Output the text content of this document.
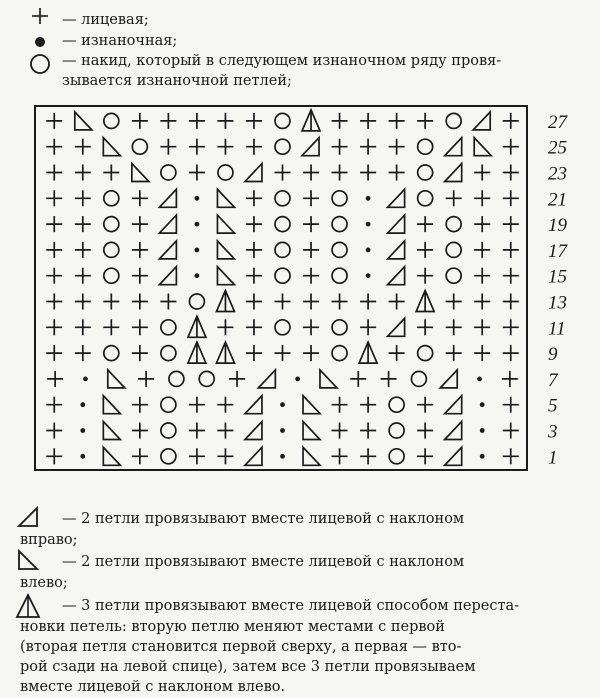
— лицевая;
— изнаночная;
— накид, который в следующем изнаночном ряду провя-
зывается изнаночной петлей;
27
25
23
21
19
17
15
13
11
9
7
5
3
1
— 2 петли провязывают вместе лицевой с наклоном
вправо;
— 2 петли провязывают вместе лицевой с наклоном
влево;
— 3 петли провязывают вместе лицевой способом переста-
новки петель: вторую петлю меняют местами с первой
(вторая петля становится первой сверху, а первая — вто-
рой сзади на левой спице), затем все 3 петли провязываем
вместе лицевой с наклоном влево.
